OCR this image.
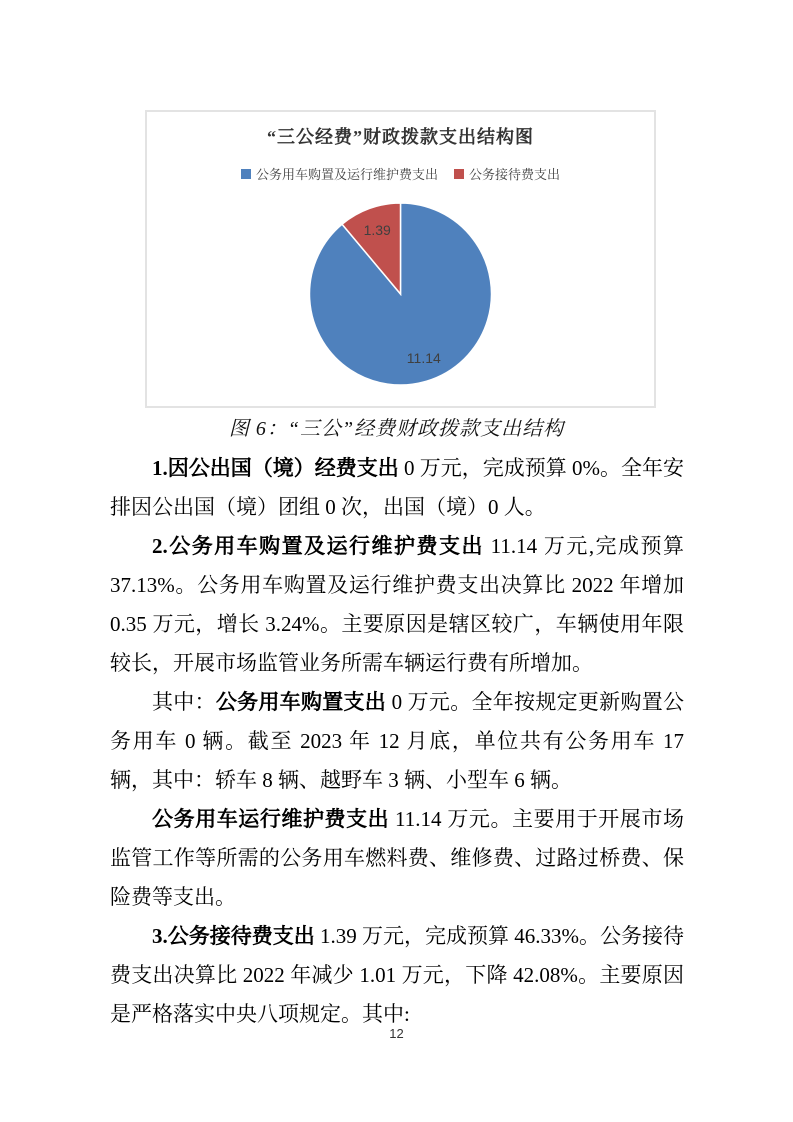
11.14
1.39
“三公经费”财政拨款支出结构图
公务用车购置及运行维护费支出 公务接待费支出
图 6：“三公”经费财政拨款支出结构

1.因公出国（境）经费支出 0 万元，完成预算 0%。全年安排因公出国（境）团组 0 次，出国（境）0 人。

2.公务用车购置及运行维护费支出 11.14 万元,完成预算 37.13%。公务用车购置及运行维护费支出决算比 2022 年增加 0.35 万元，增长 3.24%。主要原因是辖区较广，车辆使用年限较长，开展市场监管业务所需车辆运行费有所增加。

其中：公务用车购置支出 0 万元。全年按规定更新购置公务用车 0 辆。截至 2023 年 12 月底，单位共有公务用车 17 辆，其中：轿车 8 辆、越野车 3 辆、小型车 6 辆。

公务用车运行维护费支出 11.14 万元。主要用于开展市场监管工作等所需的公务用车燃料费、维修费、过路过桥费、保险费等支出。

3.公务接待费支出 1.39 万元，完成预算 46.33%。公务接待费支出决算比 2022 年减少 1.01 万元，下降 42.08%。主要原因是严格落实中央八项规定。其中:

12
